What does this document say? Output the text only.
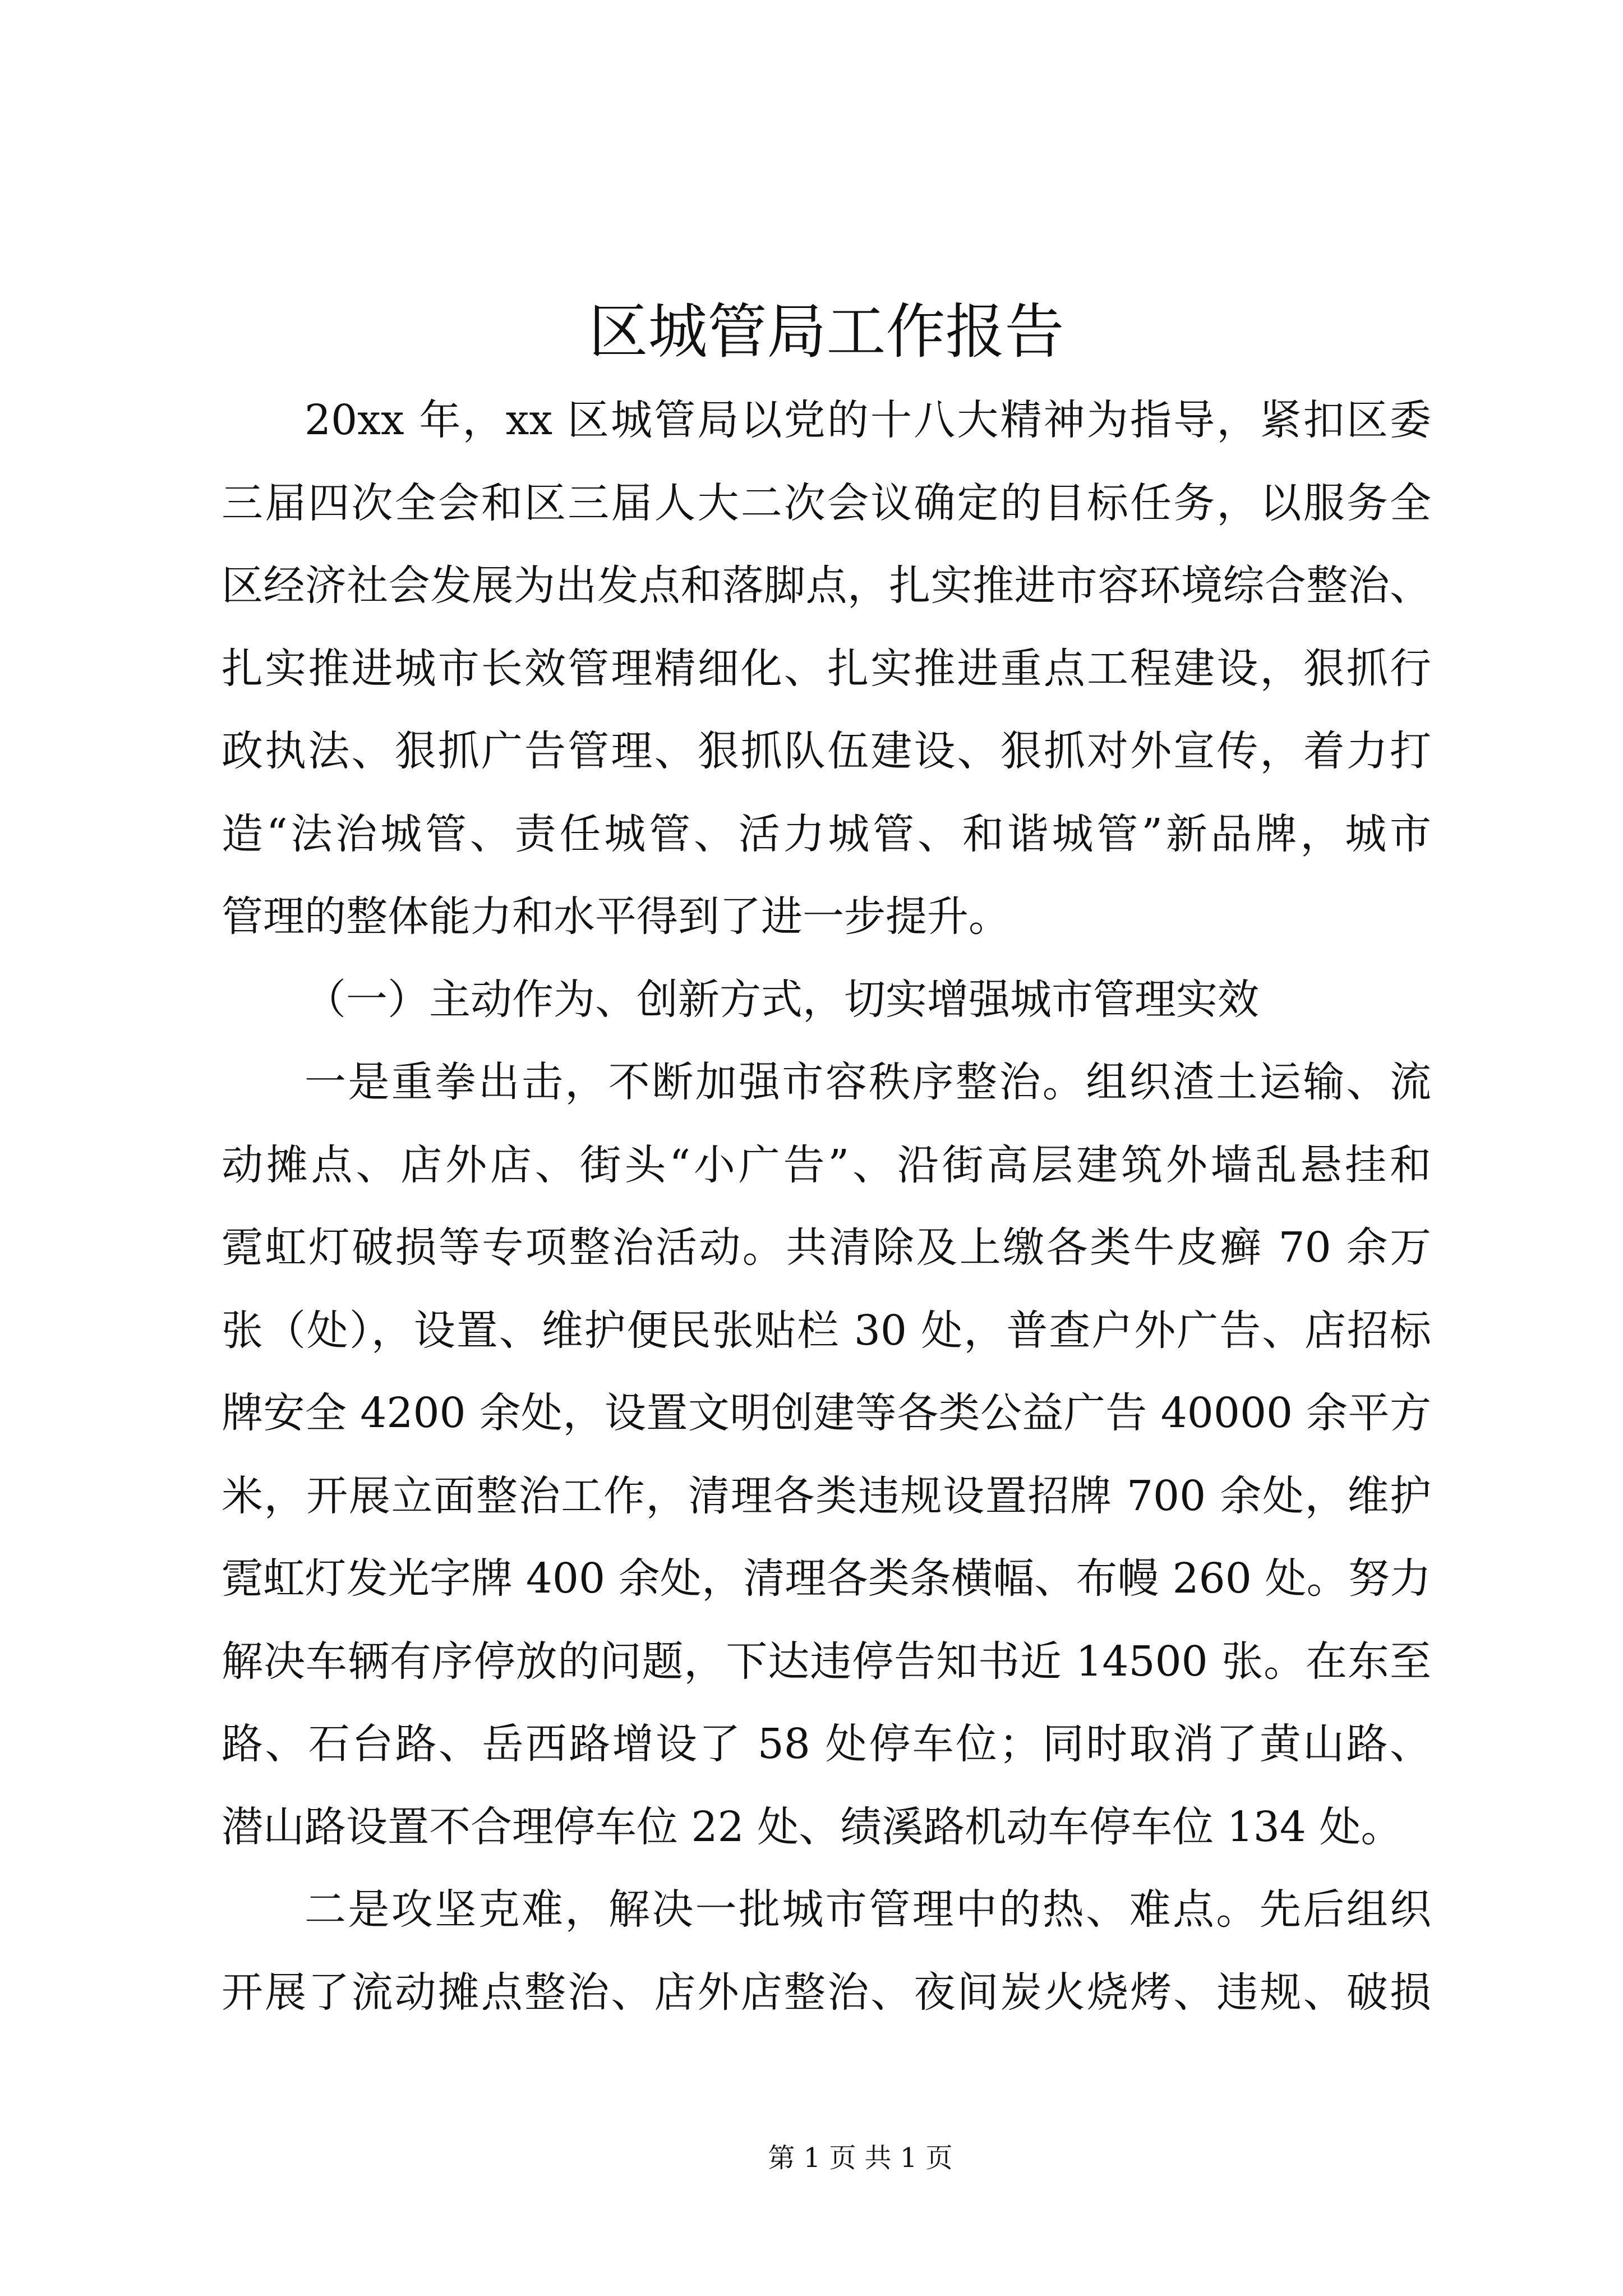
区城管局工作报告
20xx 年，xx 区城管局以党的十八大精神为指导，紧扣区委
三届四次全会和区三届人大二次会议确定的目标任务，以服务全
区经济社会发展为出发点和落脚点，扎实推进市容环境综合整治、
扎实推进城市长效管理精细化、扎实推进重点工程建设，狠抓行
政执法、狠抓广告管理、狠抓队伍建设、狠抓对外宣传，着力打
造“法治城管、责任城管、活力城管、和谐城管”新品牌，城市
管理的整体能力和水平得到了进一步提升。
（一）主动作为、创新方式，切实增强城市管理实效
一是重拳出击，不断加强市容秩序整治。组织渣土运输、流
动摊点、店外店、街头“小广告”、沿街高层建筑外墙乱悬挂和
霓虹灯破损等专项整治活动。共清除及上缴各类牛皮癣 70 余万
张（处），设置、维护便民张贴栏 30 处，普查户外广告、店招标
牌安全 4200 余处，设置文明创建等各类公益广告 40000 余平方
米，开展立面整治工作，清理各类违规设置招牌 700 余处，维护
霓虹灯发光字牌 400 余处，清理各类条横幅、布幔 260 处。努力
解决车辆有序停放的问题，下达违停告知书近 14500 张。在东至
路、石台路、岳西路增设了 58 处停车位；同时取消了黄山路、
潜山路设置不合理停车位 22 处、绩溪路机动车停车位 134 处。
二是攻坚克难，解决一批城市管理中的热、难点。先后组织
开展了流动摊点整治、店外店整治、夜间炭火烧烤、违规、破损
第 1 页 共 1 页
